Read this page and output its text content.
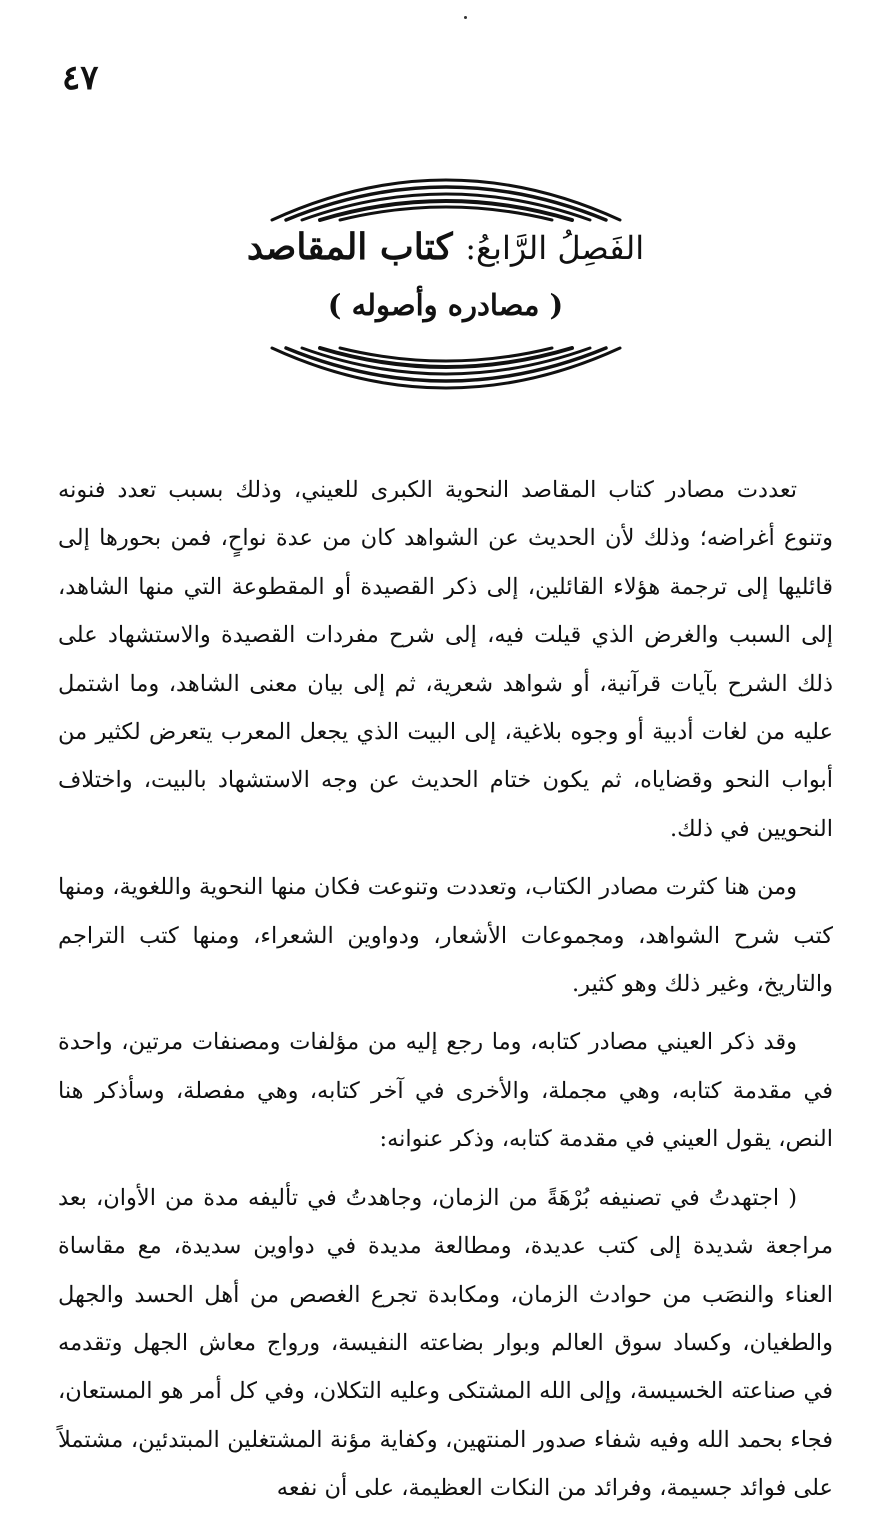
٤٧
الفَصِلُ الرَّابعُ: كتاب المقاصد
( مصادره وأصوله )

تعددت مصادر كتاب المقاصد النحوية الكبرى للعيني، وذلك بسبب تعدد فنونه وتنوع أغراضه؛ وذلك لأن الحديث عن الشواهد كان من عدة نواحٍ، فمن بحورها إلى قائليها إلى ترجمة هؤلاء القائلين، إلى ذكر القصيدة أو المقطوعة التي منها الشاهد، إلى السبب والغرض الذي قيلت فيه، إلى شرح مفردات القصيدة والاستشهاد على ذلك الشرح بآيات قرآنية، أو شواهد شعرية، ثم إلى بيان معنى الشاهد، وما اشتمل عليه من لغات أدبية أو وجوه بلاغية، إلى البيت الذي يجعل المعرب يتعرض لكثير من أبواب النحو وقضاياه، ثم يكون ختام الحديث عن وجه الاستشهاد بالبيت، واختلاف النحويين في ذلك.

ومن هنا كثرت مصادر الكتاب، وتعددت وتنوعت فكان منها النحوية واللغوية، ومنها كتب شرح الشواهد، ومجموعات الأشعار، ودواوين الشعراء، ومنها كتب التراجم والتاريخ، وغير ذلك وهو كثير.

وقد ذكر العيني مصادر كتابه، وما رجع إليه من مؤلفات ومصنفات مرتين، واحدة في مقدمة كتابه، وهي مجملة، والأخرى في آخر كتابه، وهي مفصلة، وسأذكر هنا النص، يقول العيني في مقدمة كتابه، وذكر عنوانه:

( اجتهدتُ في تصنيفه بُرْهَةً من الزمان، وجاهدتُ في تأليفه مدة من الأوان، بعد مراجعة شديدة إلى كتب عديدة، ومطالعة مديدة في دواوين سديدة، مع مقاساة العناء والنصَب من حوادث الزمان، ومكابدة تجرع الغصص من أهل الحسد والجهل والطغيان، وكساد سوق العالم وبوار بضاعته النفيسة، ورواج معاش الجهل وتقدمه في صناعته الخسيسة، وإلى الله المشتكى وعليه التكلان، وفي كل أمر هو المستعان، فجاء بحمد الله وفيه شفاء صدور المنتهين، وكفاية مؤنة المشتغلين المبتدئين، مشتملاً على فوائد جسيمة، وفرائد من النكات العظيمة، على أن نفعه
